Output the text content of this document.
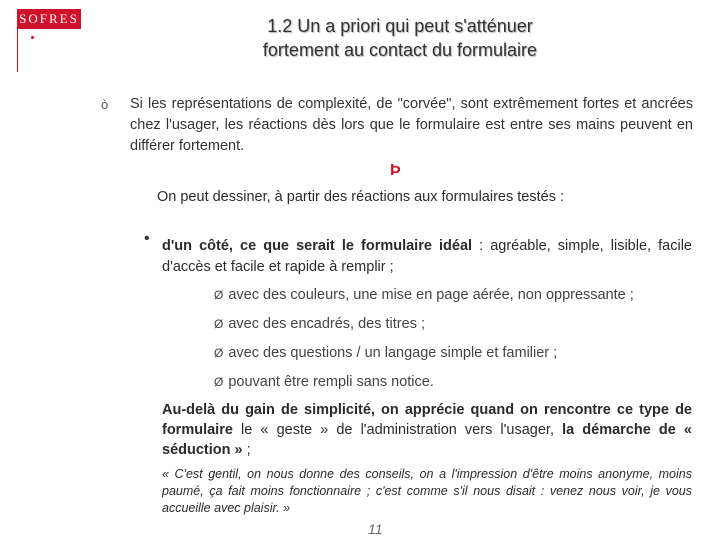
SOFRES	1.2 Un a priori qui peut s'atténuer
fortement au contact du formulaire
ò Si les représentations de complexité, de "corvée", sont extrêmement fortes et ancrées chez l'usager, les réactions dès lors que le formulaire est entre ses mains peuvent en différer fortement.
Þ
On peut dessiner, à partir des réactions aux formulaires testés :
• d'un côté, ce que serait le formulaire idéal : agréable, simple, lisible, facile d'accès et facile et rapide à remplir ;
Ø avec des couleurs, une mise en page aérée, non oppressante ;
Ø avec des encadrés, des titres ;
Ø avec des questions / un langage simple et familier ;
Ø pouvant être rempli sans notice.
Au-delà du gain de simplicité, on apprécie quand on rencontre ce type de formulaire le « geste » de l'administration vers l'usager, la démarche de « séduction » ;
« C'est gentil, on nous donne des conseils, on a l'impression d'être moins anonyme, moins paumé, ça fait moins fonctionnaire ; c'est comme s'il nous disait : venez nous voir, je vous accueille avec plaisir. »
11
